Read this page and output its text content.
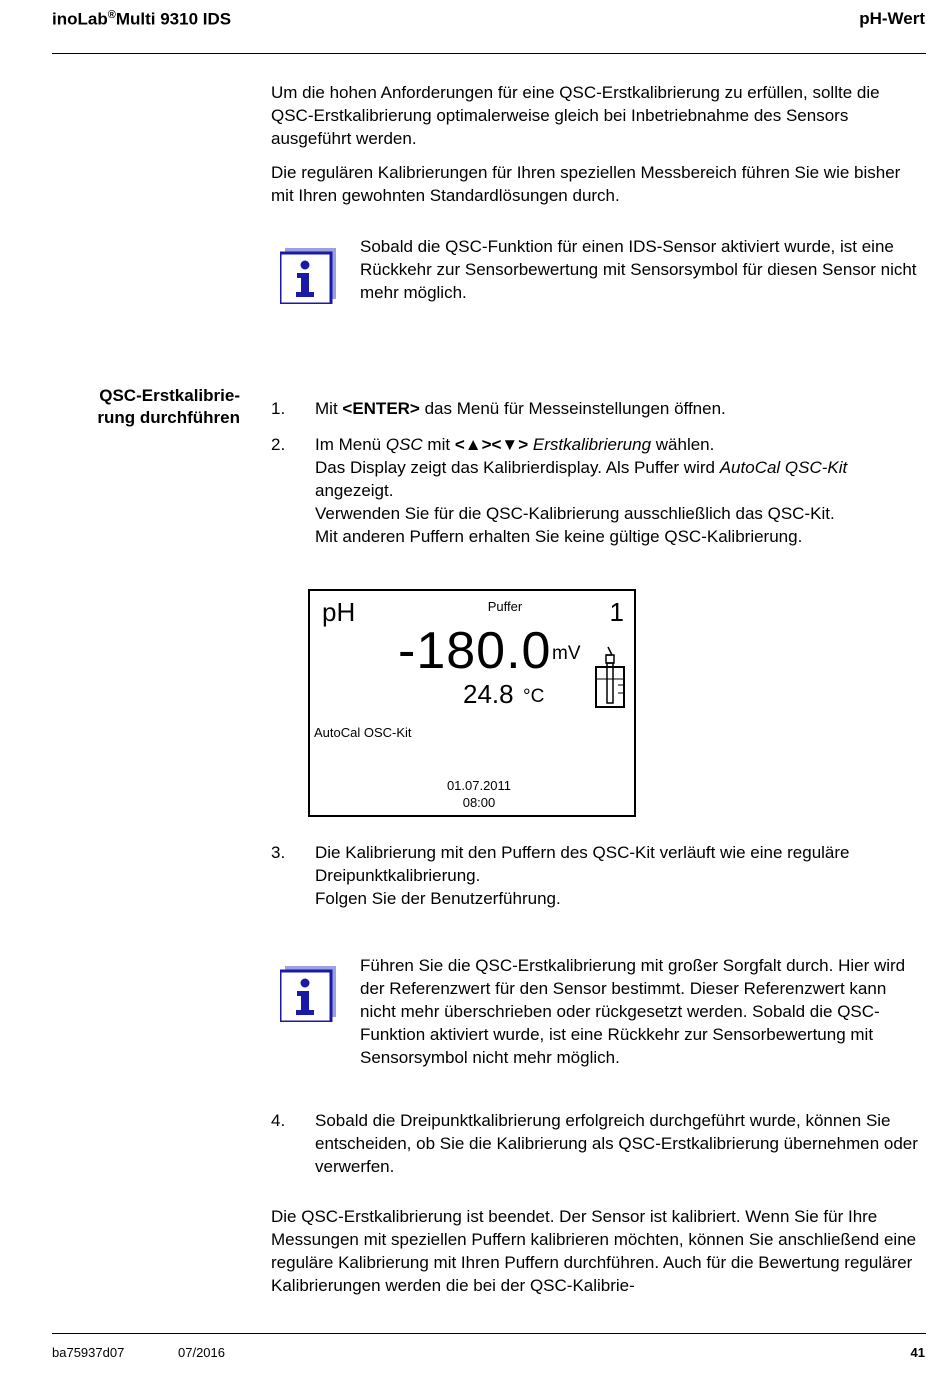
inoLab®Multi 9310 IDS	pH-Wert

Um die hohen Anforderungen für eine QSC-Erstkalibrierung zu erfüllen, sollte die QSC-Erstkalibrierung optimalerweise gleich bei Inbetriebnahme des Sensors ausgeführt werden.

Die regulären Kalibrierungen für Ihren speziellen Messbereich führen Sie wie bisher mit Ihren gewohnten Standardlösungen durch.

Sobald die QSC-Funktion für einen IDS-Sensor aktiviert wurde, ist eine Rückkehr zur Sensorbewertung mit Sensorsymbol für diesen Sensor nicht mehr möglich.

QSC-Erstkalibrie-
rung durchführen 1. Mit <ENTER> das Menü für Messeinstellungen öffnen.

2. Im Menü QSC mit <▲><▼> Erstkalibrierung wählen.
Das Display zeigt das Kalibrierdisplay. Als Puffer wird AutoCal QSC-Kit angezeigt.
Verwenden Sie für die QSC-Kalibrierung ausschließlich das QSC-Kit.
Mit anderen Puffern erhalten Sie keine gültige QSC-Kalibrierung.
pH	Puffer	1
-180.0 mV
24.8 °C
AutoCal OSC-Kit
01.07.2011
08:00
3. Die Kalibrierung mit den Puffern des QSC-Kit verläuft wie eine reguläre Dreipunktkalibrierung.
Folgen Sie der Benutzerführung.

Führen Sie die QSC-Erstkalibrierung mit großer Sorgfalt durch. Hier wird der Referenzwert für den Sensor bestimmt. Dieser Referenzwert kann nicht mehr überschrieben oder rückgesetzt werden. Sobald die QSC-Funktion aktiviert wurde, ist eine Rückkehr zur Sensorbewertung mit Sensorsymbol nicht mehr möglich.

4. Sobald die Dreipunktkalibrierung erfolgreich durchgeführt wurde, können Sie entscheiden, ob Sie die Kalibrierung als QSC-Erstkalibrierung übernehmen oder verwerfen.

Die QSC-Erstkalibrierung ist beendet. Der Sensor ist kalibriert. Wenn Sie für Ihre Messungen mit speziellen Puffern kalibrieren möchten, können Sie anschließend eine reguläre Kalibrierung mit Ihren Puffern durchführen. Auch für die Bewertung regulärer Kalibrierungen werden die bei der QSC-Kalibrie-

ba75937d07	07/2016	41
